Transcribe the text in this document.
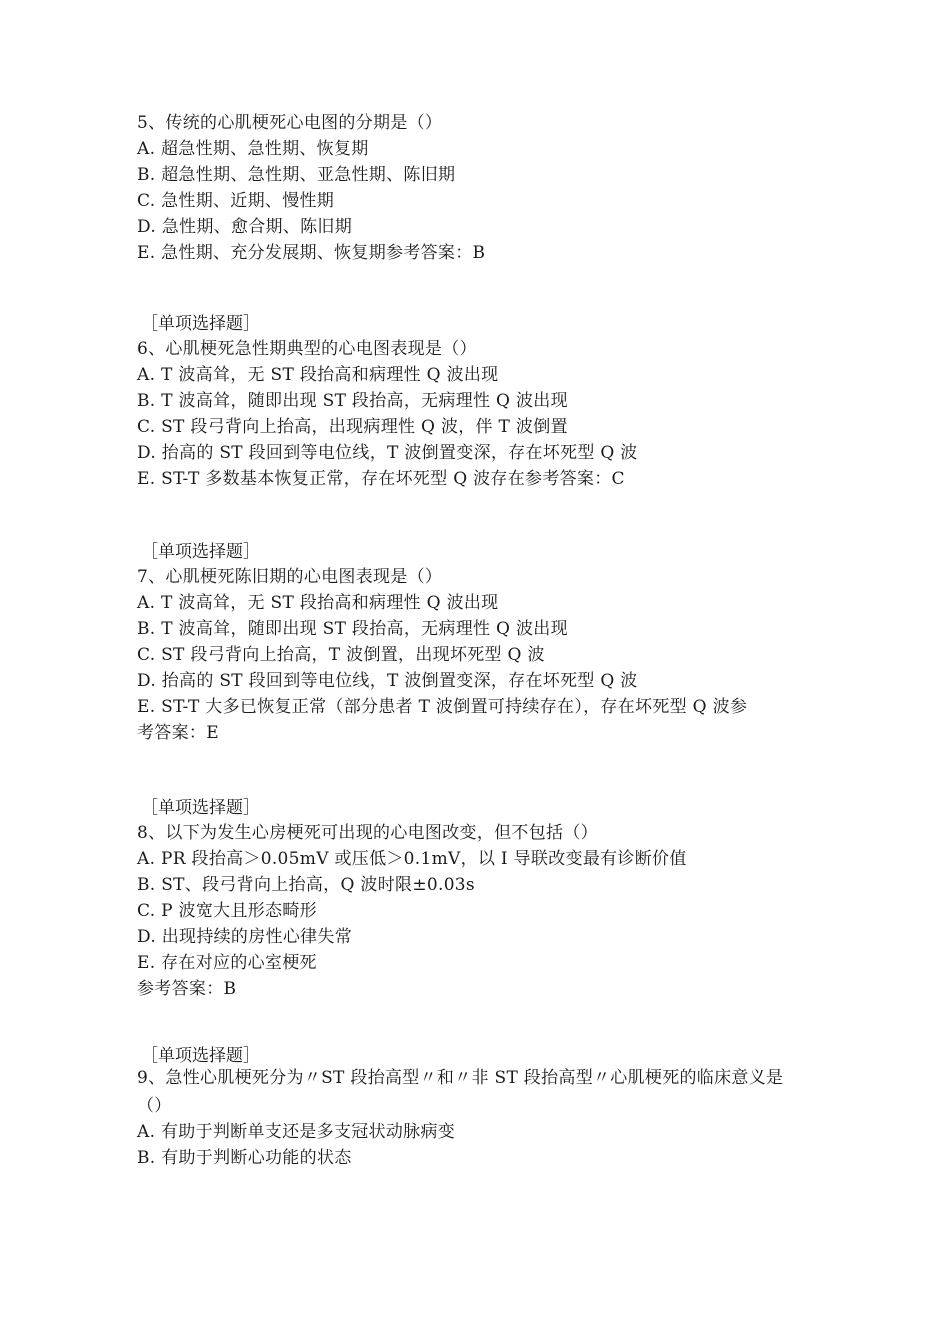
5、传统的心肌梗死心电图的分期是（）
A. 超急性期、急性期、恢复期
B. 超急性期、急性期、亚急性期、陈旧期
C. 急性期、近期、慢性期
D. 急性期、愈合期、陈旧期
E. 急性期、充分发展期、恢复期参考答案：B
［单项选择题］
6、心肌梗死急性期典型的心电图表现是（）
A. T 波高耸，无 ST 段抬高和病理性 Q 波出现
B. T 波高耸，随即出现 ST 段抬高，无病理性 Q 波出现
C. ST 段弓背向上抬高，出现病理性 Q 波，伴 T 波倒置
D. 抬高的 ST 段回到等电位线，T 波倒置变深，存在坏死型 Q 波
E. ST-T 多数基本恢复正常，存在坏死型 Q 波存在参考答案：C
［单项选择题］
7、心肌梗死陈旧期的心电图表现是（）
A. T 波高耸，无 ST 段抬高和病理性 Q 波出现
B. T 波高耸，随即出现 ST 段抬高，无病理性 Q 波出现
C. ST 段弓背向上抬高，T 波倒置，出现坏死型 Q 波
D. 抬高的 ST 段回到等电位线，T 波倒置变深，存在坏死型 Q 波
E. ST-T 大多已恢复正常（部分患者 T 波倒置可持续存在），存在坏死型 Q 波参
考答案：E
［单项选择题］
8、以下为发生心房梗死可出现的心电图改变，但不包括（）
A. PR 段抬高＞0.05mV 或压低＞0.1mV，以 I 导联改变最有诊断价值
B. ST、段弓背向上抬高，Q 波时限±0.03s
C. P 波宽大且形态畸形
D. 出现持续的房性心律失常
E. 存在对应的心室梗死
参考答案：B
［单项选择题］
9、急性心肌梗死分为〃ST 段抬高型〃和〃非 ST 段抬高型〃心肌梗死的临床意义是
（）
A. 有助于判断单支还是多支冠状动脉病变
B. 有助于判断心功能的状态
